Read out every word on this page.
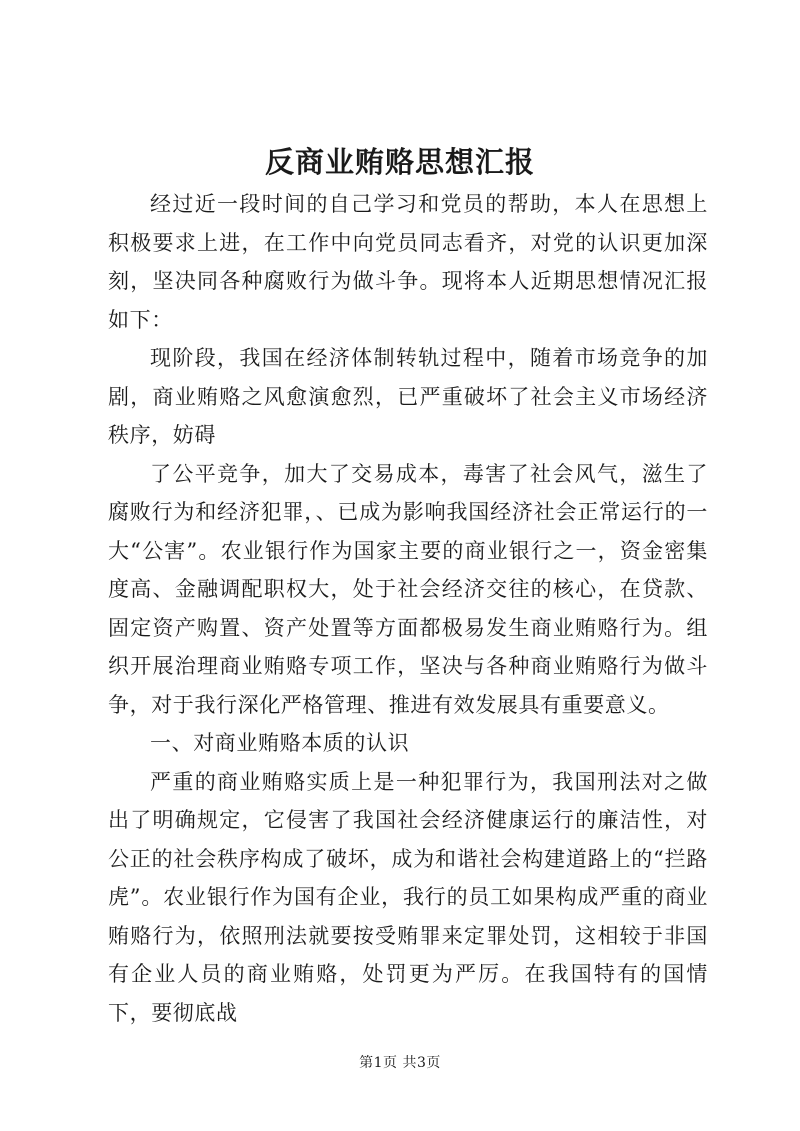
反商业贿赂思想汇报

经过近一段时间的自己学习和党员的帮助，本人在思想上积极要求上进，在工作中向党员同志看齐，对党的认识更加深刻，坚决同各种腐败行为做斗争。现将本人近期思想情况汇报如下：

现阶段，我国在经济体制转轨过程中，随着市场竞争的加剧，商业贿赂之风愈演愈烈，已严重破坏了社会主义市场经济秩序，妨碍

了公平竞争，加大了交易成本，毒害了社会风气，滋生了腐败行为和经济犯罪，、已成为影响我国经济社会正常运行的一大“公害”。农业银行作为国家主要的商业银行之一，资金密集度高、金融调配职权大，处于社会经济交往的核心，在贷款、固定资产购置、资产处置等方面都极易发生商业贿赂行为。组织开展治理商业贿赂专项工作，坚决与各种商业贿赂行为做斗争，对于我行深化严格管理、推进有效发展具有重要意义。

一、对商业贿赂本质的认识

严重的商业贿赂实质上是一种犯罪行为，我国刑法对之做出了明确规定，它侵害了我国社会经济健康运行的廉洁性，对公正的社会秩序构成了破坏，成为和谐社会构建道路上的“拦路虎”。农业银行作为国有企业，我行的员工如果构成严重的商业贿赂行为，依照刑法就要按受贿罪来定罪处罚，这相较于非国有企业人员的商业贿赂，处罚更为严厉。在我国特有的国情下，要彻底战

第1页 共3页
